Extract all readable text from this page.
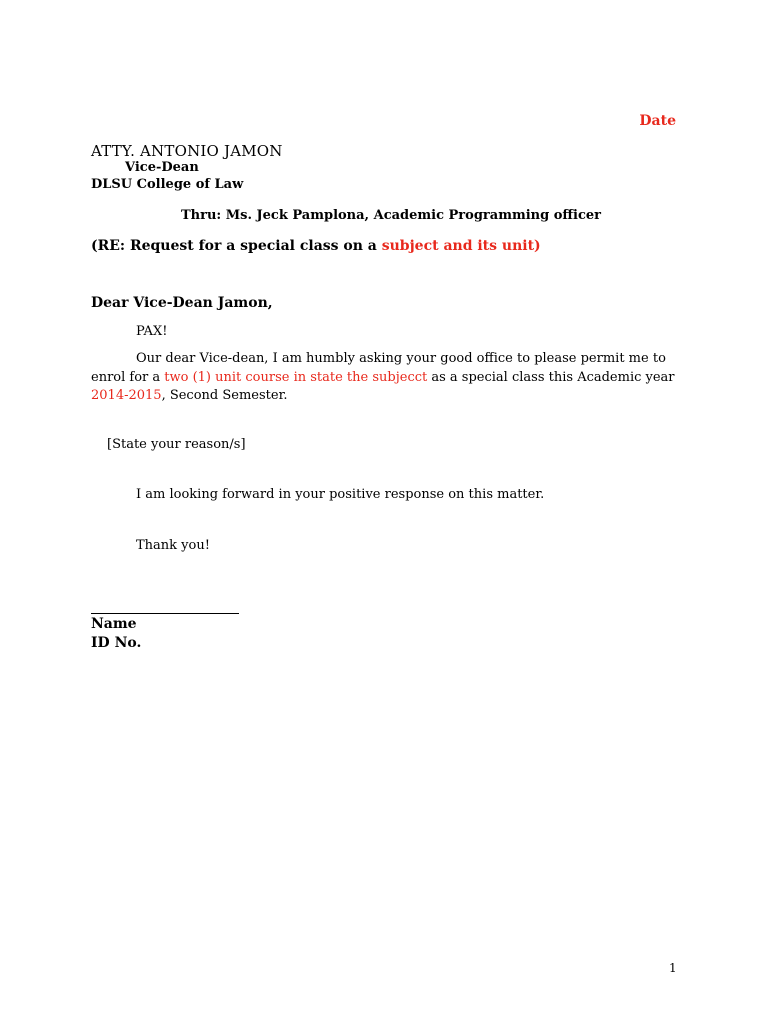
Date
ATTY. ANTONIO JAMON
Vice-Dean
DLSU College of Law
Thru: Ms. Jeck Pamplona, Academic Programming officer
(RE: Request for a special class on a subject and its unit)
Dear Vice-Dean Jamon,
PAX!
Our dear Vice-dean, I am humbly asking your good office to please permit me to enrol for a two (1) unit course in state the subjecct as a special class this Academic year 2014-2015, Second Semester.
[State your reason/s]
I am looking forward in your positive response on this matter.
Thank you!
Name
ID No.
1
